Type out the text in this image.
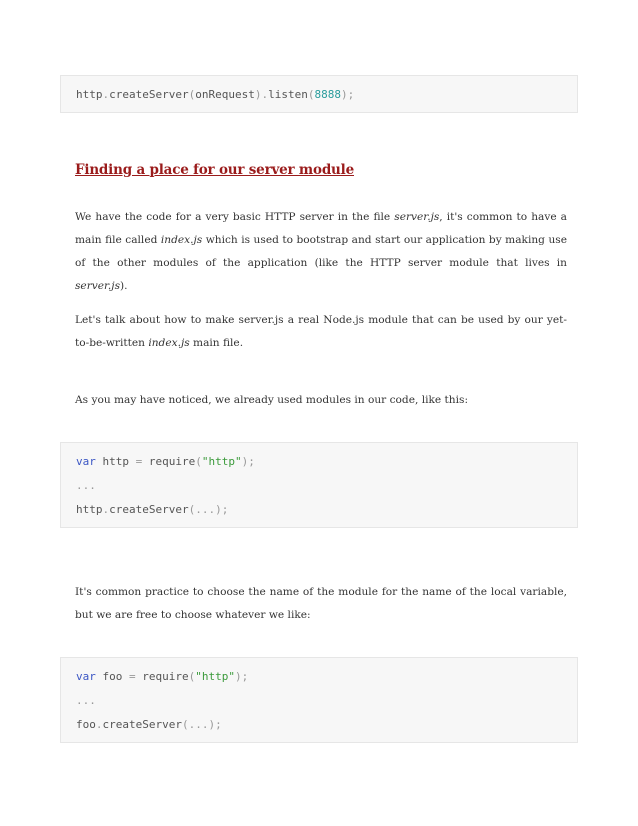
http.createServer(onRequest).listen(8888);
Finding a place for our server module

We have the code for a very basic HTTP server in the file server.js, it's common to have a main file called index.js which is used to bootstrap and start our application by making use of the other modules of the application (like the HTTP server module that lives in server.js).

Let's talk about how to make server.js a real Node.js module that can be used by our yet-to-be-written index.js main file.

As you may have noticed, we already used modules in our code, like this:

var http = require("http");
...
http.createServer(...);

It's common practice to choose the name of the module for the name of the local variable, but we are free to choose whatever we like:

var foo = require("http");
...
foo.createServer(...);
